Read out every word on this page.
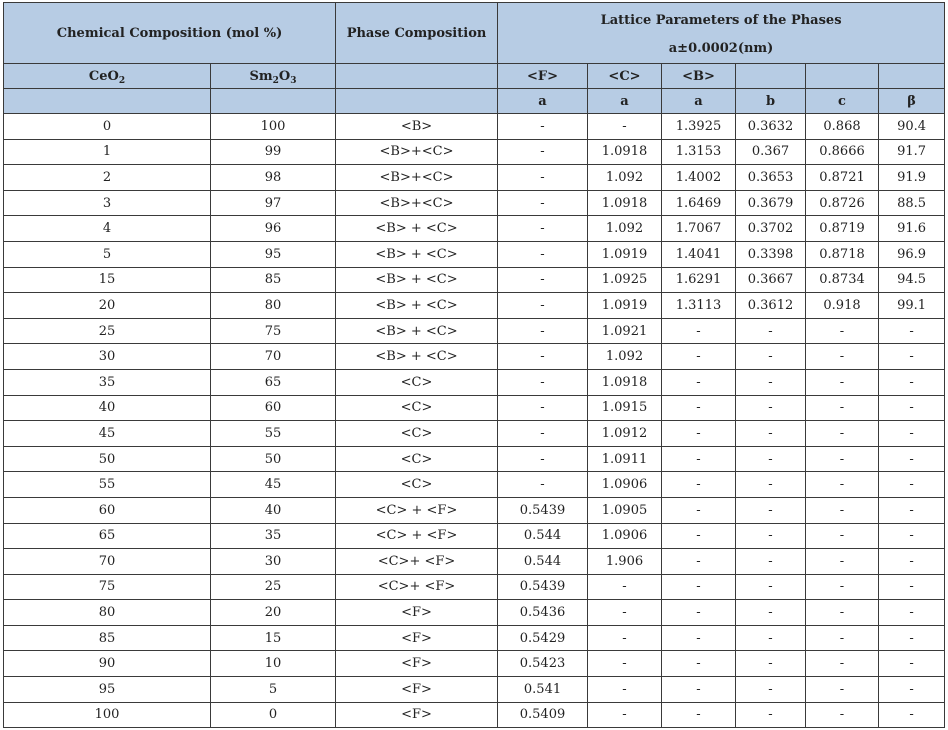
Chemical Composition (mol %)		Phase Composition	Lattice Parameters of the Phases
a±0.0002(nm)					

CeO$_2$	$Sm_2O_3$		<F>	<C>	<B>			
			a	a	a	b	c	β
0	100	<B>	-	-	1.3925	0.3632	0.868	90.4
1	99	<B>+<C>	-	1.0918	1.3153	0.367	0.8666	91.7
2	98	<B>+<C>	-	1.092	1.4002	0.3653	0.8721	91.9
3	97	<B>+<C>	-	1.0918	1.6469	0.3679	0.8726	88.5
4	96	<B> + <C>	-	1.092	1.7067	0.3702	0.8719	91.6
5	95	<B> + <C>	-	1.0919	1.4041	0.3398	0.8718	96.9
15	85	<B> + <C>	-	1.0925	1.6291	0.3667	0.8734	94.5
20	80	<B> + <C>	-	1.0919	1.3113	0.3612	0.918	99.1
25	75	<B> + <C>	-	1.0921	-	-	-	-
30	70	<B> + <C>	-	1.092	-	-	-	-
35	65	<C>	-	1.0918	-	-	-	-
40	60	<C>	-	1.0915	-	-	-	-
45	55	<C>	-	1.0912	-	-	-	-
50	50	<C>	-	1.0911	-	-	-	-
55	45	<C>	-	1.0906	-	-	-	-
60	40	<C> + <F>	0.5439	1.0905	-	-	-	-
65	35	<C> + <F>	0.544	1.0906	-	-	-	-
70	30	<C>+ <F>	0.544	1.906	-	-	-	-
75	25	<C>+ <F>	0.5439	-	-	-	-	-
80	20	<F>	0.5436	-	-	-	-	-
85	15	<F>	0.5429	-	-	-	-	-
90	10	<F>	0.5423	-	-	-	-	-
95	5	<F>	0.541	-	-	-	-	-
100	0	<F>	0.5409	-	-	-	-	-
